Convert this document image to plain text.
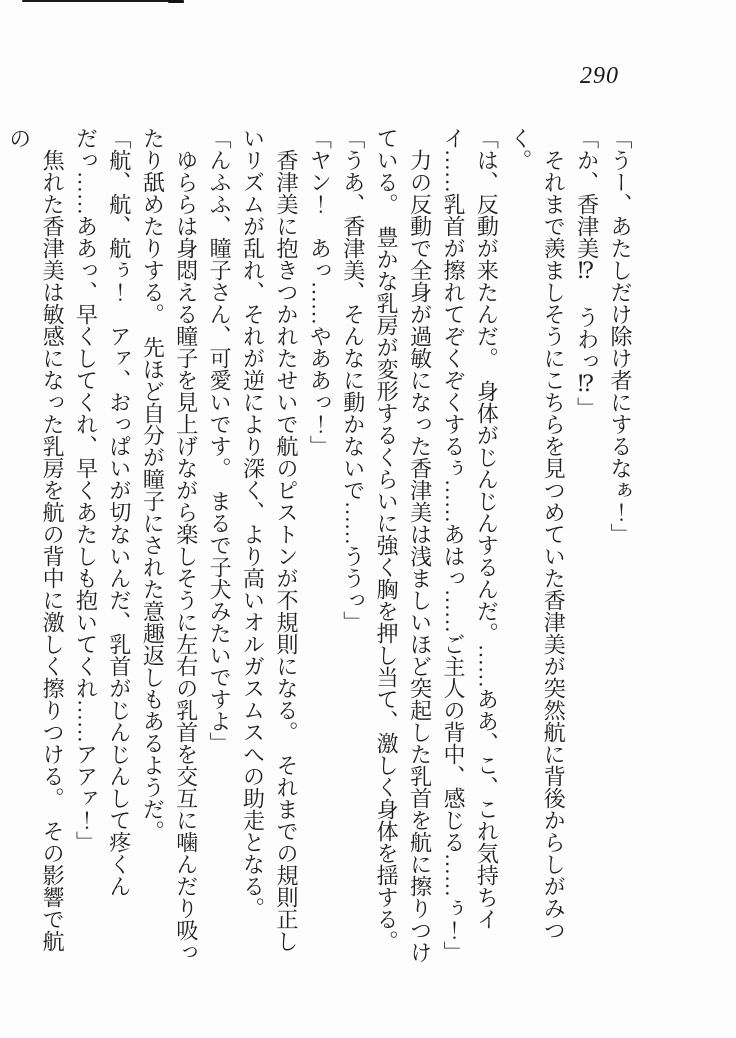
290

「うー、あたしだけ除け者にするなぁ！」

「か、香津美⁉　うわっ⁉」

それまで羨ましそうにこちらを見つめていた香津美が突然航に背後からしがみつく。

「は、反動が来たんだ。　身体がじんじんするんだ。……ああ、こ、これ気持ちイイ……乳首が擦れてぞくぞくするぅ……あはっ……ご主人の背中、感じる……ぅ！」

力の反動で全身が過敏になった香津美は浅ましいほど突起した乳首を航に擦りつけている。　豊かな乳房が変形するくらいに強く胸を押し当て、激しく身体を揺する。

「うあ、香津美、そんなに動かないで……ううっ」

「ヤン！　あっ……やああっ！」

香津美に抱きつかれたせいで航のピストンが不規則になる。　それまでの規則正しいリズムが乱れ、それが逆により深く、より高いオルガスムスへの助走となる。

「んふふ、瞳子さん、可愛いです。　まるで子犬みたいですよ」

ゆららは身悶える瞳子を見上げながら楽しそうに左右の乳首を交互に噛んだり吸ったり舐めたりする。　先ほど自分が瞳子にされた意趣返しもあるようだ。

「航、航、航ぅ！　アァ、おっぱいが切ないんだ、乳首がじんじんして疼くんだっ……ああっ、早くしてくれ、早くあたしも抱いてくれ……アアァ！」

焦れた香津美は敏感になった乳房を航の背中に激しく擦りつける。　その影響で航の
